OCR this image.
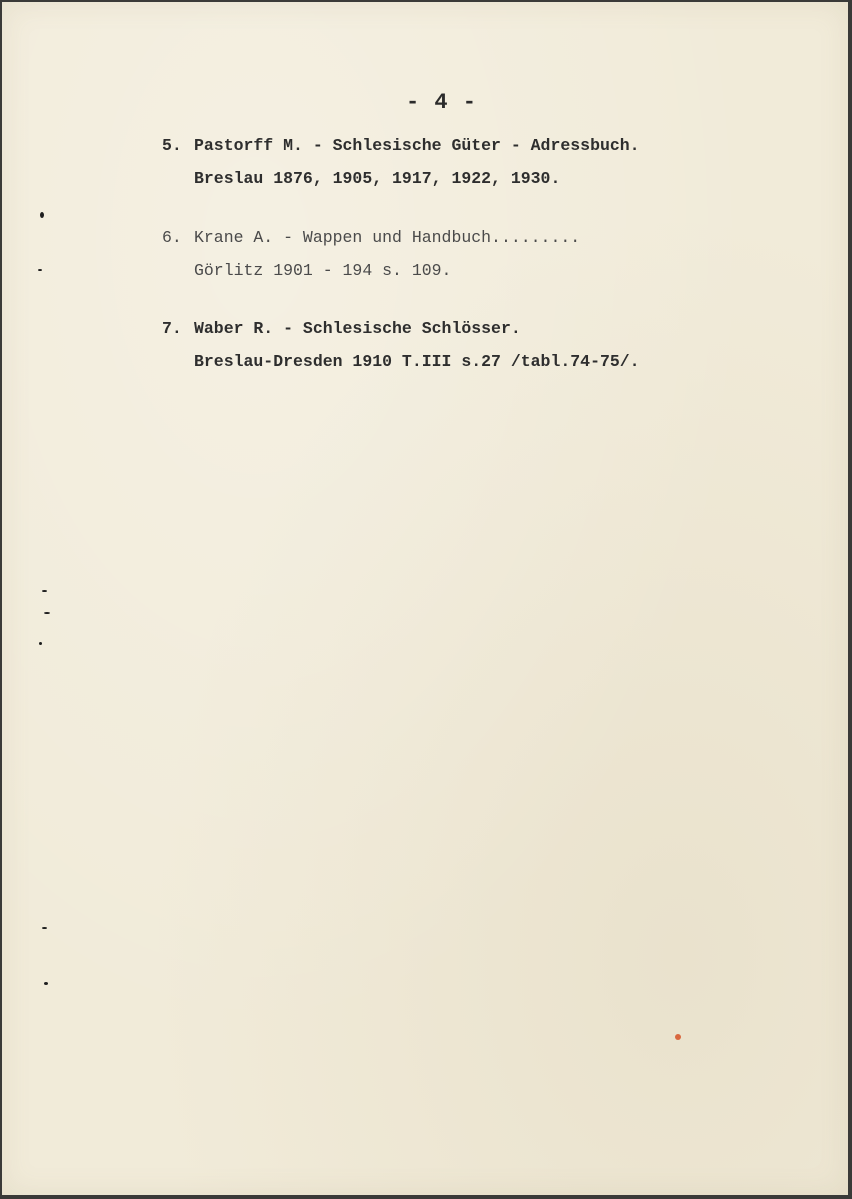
- 4 -
5. Pastorff M. - Schlesische Güter - Adressbuch.
Breslau 1876, 1905, 1917, 1922, 1930.
6. Krane A. - Wappen und Handbuch.........
Görlitz 1901 - 194 s. 109.
7. Waber R. - Schlesische Schlösser.
Breslau-Dresden 1910 T.III s.27 /tabl.74-75/.
